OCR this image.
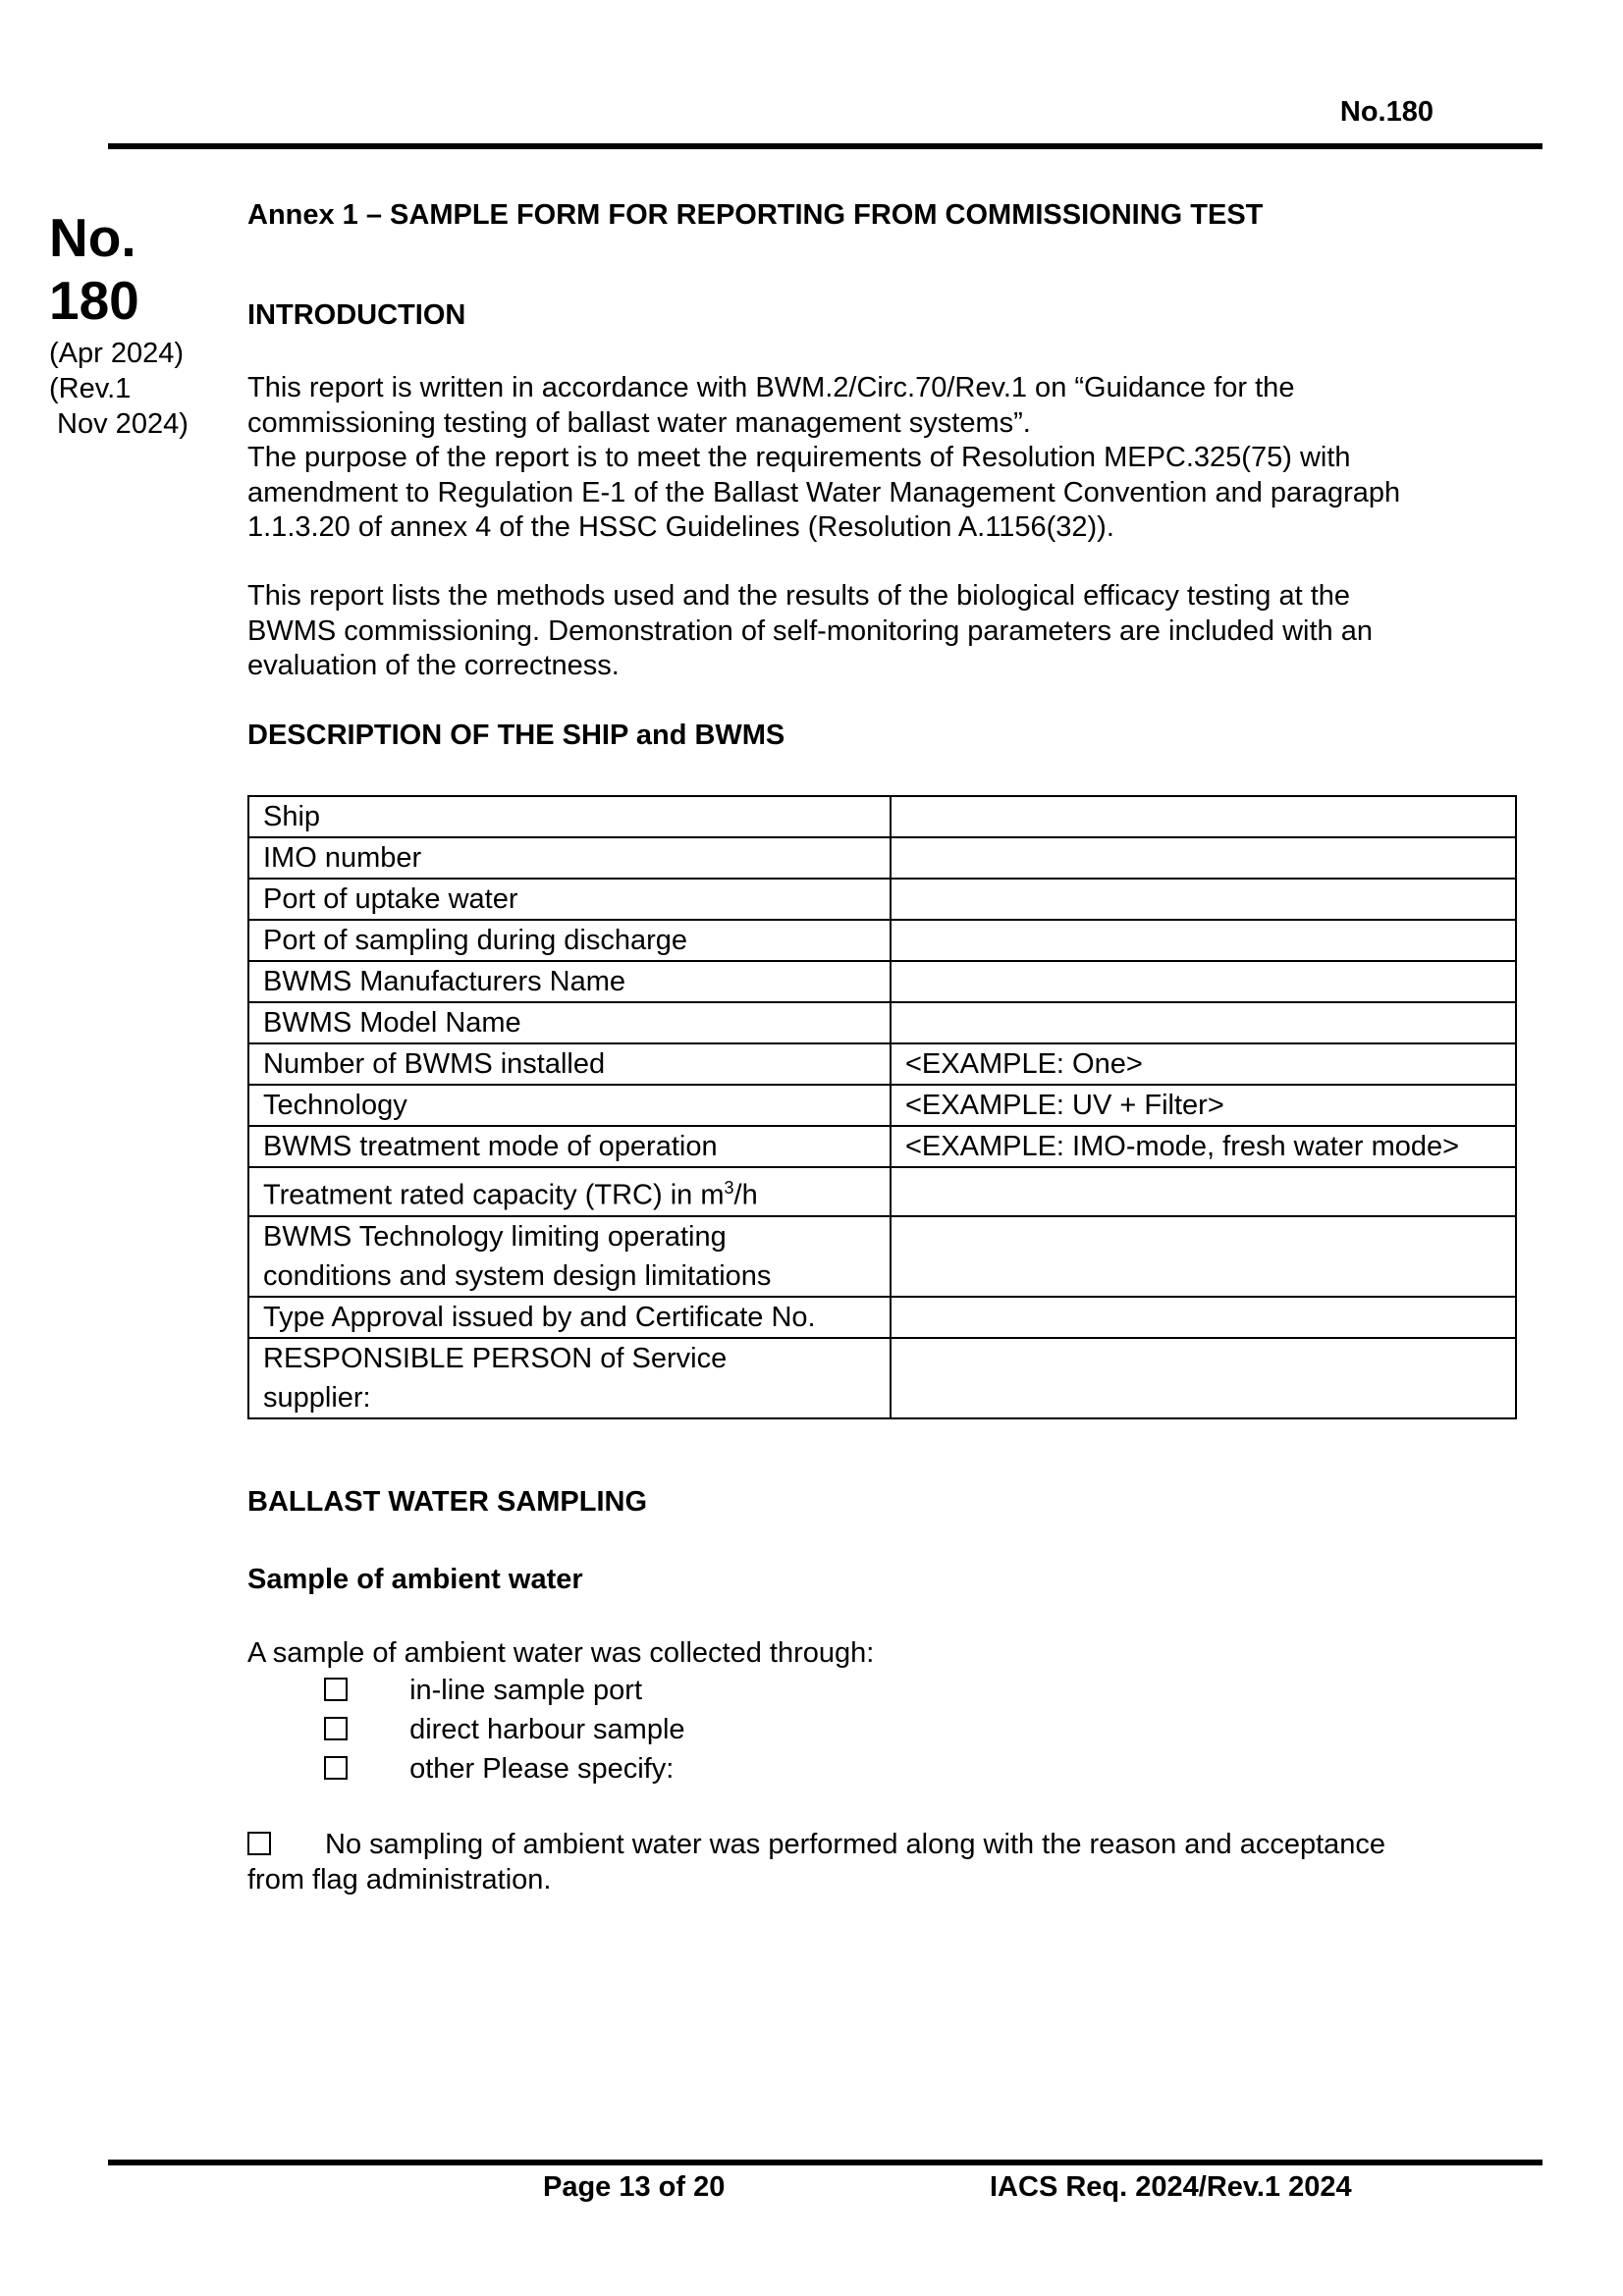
No.180
No.
180
(Apr 2024)
(Rev.1
Nov 2024)
Annex 1 – SAMPLE FORM FOR REPORTING FROM COMMISSIONING TEST
INTRODUCTION
This report is written in accordance with BWM.2/Circ.70/Rev.1 on “Guidance for the
commissioning testing of ballast water management systems”.
The purpose of the report is to meet the requirements of Resolution MEPC.325(75) with
amendment to Regulation E-1 of the Ballast Water Management Convention and paragraph
1.1.3.20 of annex 4 of the HSSC Guidelines (Resolution A.1156(32)).
This report lists the methods used and the results of the biological efficacy testing at the
BWMS commissioning. Demonstration of self-monitoring parameters are included with an
evaluation of the correctness.
DESCRIPTION OF THE SHIP and BWMS
Ship	
IMO number	
Port of uptake water	
Port of sampling during discharge	
BWMS Manufacturers Name	
BWMS Model Name	
Number of BWMS installed	<EXAMPLE: One>
Technology	<EXAMPLE: UV + Filter>
BWMS treatment mode of operation	<EXAMPLE: IMO-mode, fresh water mode>
Treatment rated capacity (TRC) in $m^3/h$	

BWMS Technology limiting operating
conditions and system design limitations	

Type Approval issued by and Certificate No.	

RESPONSIBLE PERSON of Service
supplier:	

BALLAST WATER SAMPLING
Sample of ambient water
A sample of ambient water was collected through:
in-line sample port
direct harbour sample
other Please specify:
No sampling of ambient water was performed along with the reason and acceptance
from flag administration.
Page 13 of 20	IACS Req. 2024/Rev.1 2024
